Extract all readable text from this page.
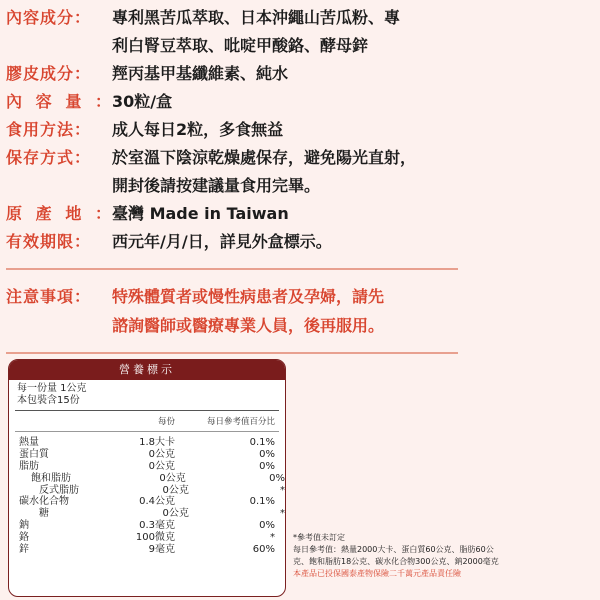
內容成分：	專利黑苦瓜萃取、日本沖繩山苦瓜粉、專
利白腎豆萃取、吡啶甲酸鉻、酵母鋅
膠皮成分：	羥丙基甲基纖維素、純水
內 容 量 ： 30粒/盒
食用方法：	成人每日2粒，多食無益
保存方式：	於室溫下陰涼乾燥處保存，避免陽光直射，
開封後請按建議量食用完畢。
原 產 地 ： 臺灣 Made in Taiwan
有效期限：	西元年/月/日，詳見外盒標示。
注意事項：	特殊體質者或慢性病患者及孕婦，請先
諮詢醫師或醫療專業人員，後再服用。
營養標示
每一份量 1公克
本包裝含15份
每份	每日參考值百分比
熱量	1.8大卡	0.1%
蛋白質	0公克	0%
脂肪	0公克	0%
飽和脂肪	0公克	0%
反式脂肪	0公克	*
碳水化合物	0.4公克	0.1%
糖	0公克	*
鈉	0.3毫克	0%
鉻	100微克	*
鋅	9毫克	60%
*參考值未訂定
每日參考值：熱量2000大卡、蛋白質60公克、脂肪60公
克、飽和脂肪18公克、碳水化合物300公克、鈉2000毫克
本產品已投保國泰產物保險二千萬元產品責任險
